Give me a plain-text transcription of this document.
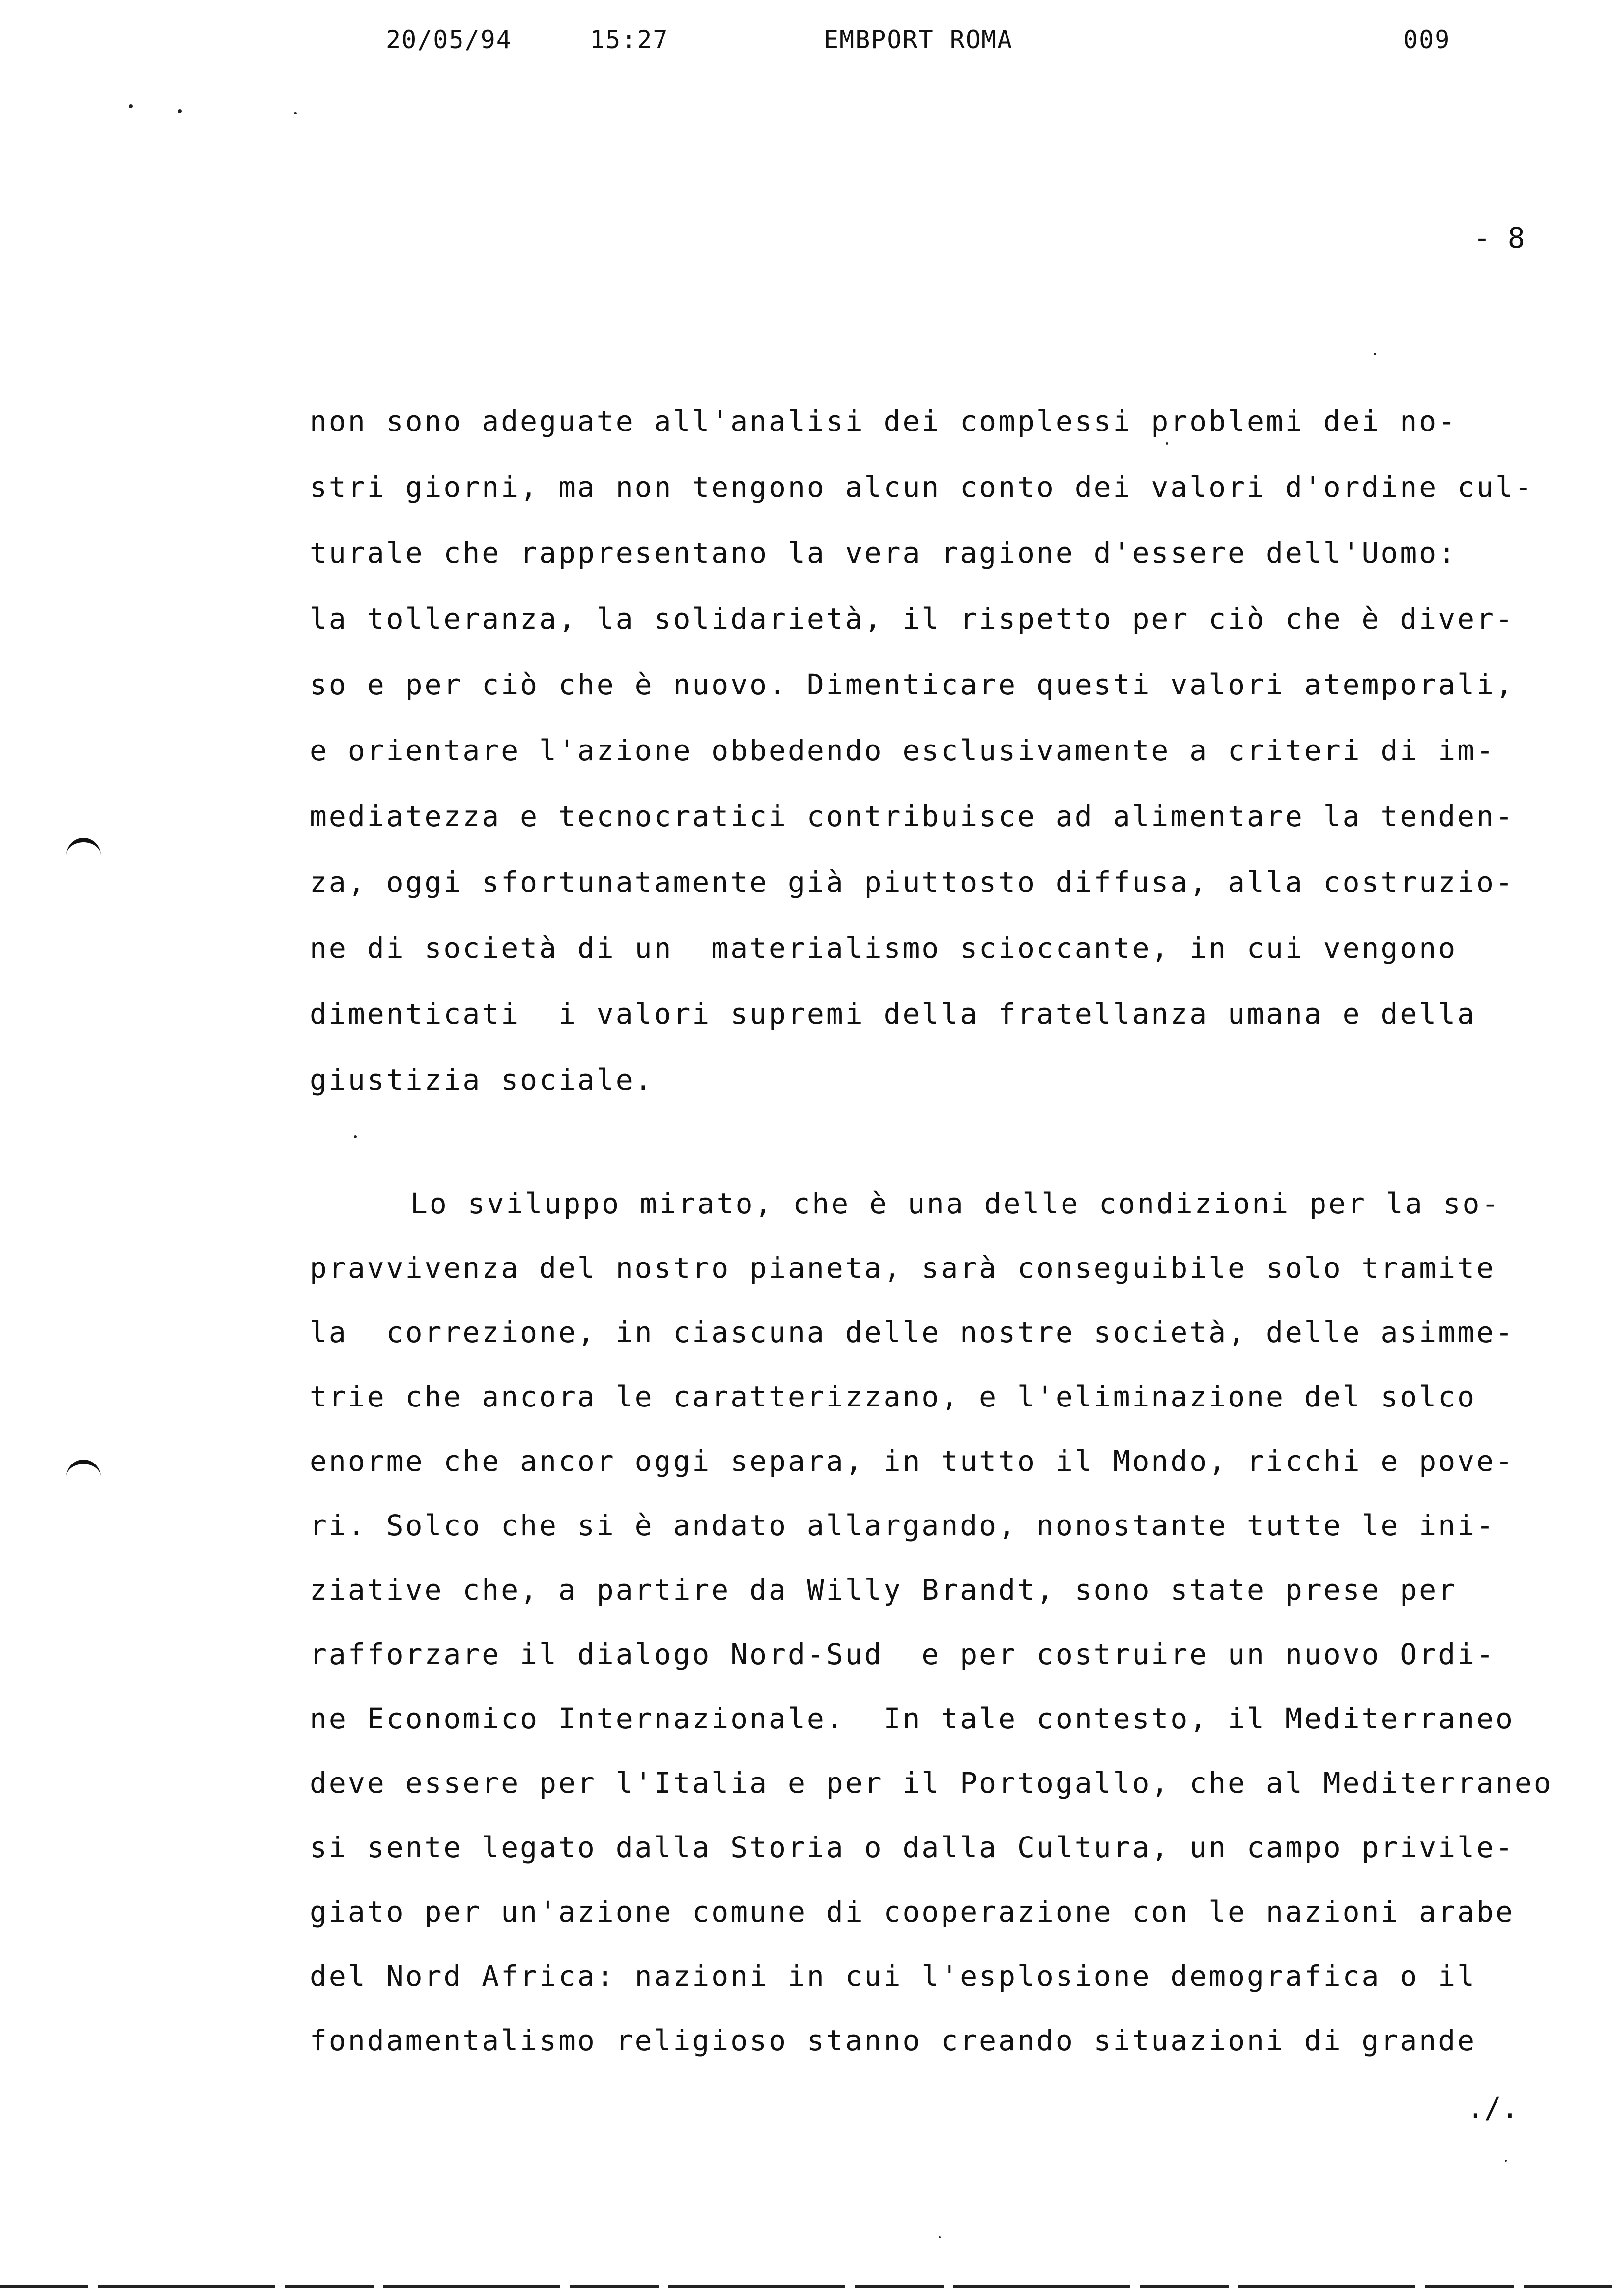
20/05/94	15:27	EMBPORT ROMA	009
- 8
non sono adeguate all'analisi dei complessi problemi dei no-
stri giorni, ma non tengono alcun conto dei valori d'ordine cul-
turale che rappresentano la vera ragione d'essere dell'Uomo:
la tolleranza, la solidarietà, il rispetto per ciò che è diver-
so e per ciò che è nuovo. Dimenticare questi valori atemporali,
e orientare l'azione obbedendo esclusivamente a criteri di im-
mediatezza e tecnocratici contribuisce ad alimentare la tenden-
za, oggi sfortunatamente già piuttosto diffusa, alla costruzio-
ne di società di un  materialismo scioccante, in cui vengono
dimenticati  i valori supremi della fratellanza umana e della
giustizia sociale.
Lo sviluppo mirato, che è una delle condizioni per la so-
pravvivenza del nostro pianeta, sarà conseguibile solo tramite
la  correzione, in ciascuna delle nostre società, delle asimme-
trie che ancora le caratterizzano, e l'eliminazione del solco
enorme che ancor oggi separa, in tutto il Mondo, ricchi e pove-
ri. Solco che si è andato allargando, nonostante tutte le ini-
ziative che, a partire da Willy Brandt, sono state prese per
rafforzare il dialogo Nord-Sud  e per costruire un nuovo Ordi-
ne Economico Internazionale.  In tale contesto, il Mediterraneo
deve essere per l'Italia e per il Portogallo, che al Mediterraneo
si sente legato dalla Storia o dalla Cultura, un campo privile-
giato per un'azione comune di cooperazione con le nazioni arabe
del Nord Africa: nazioni in cui l'esplosione demografica o il
fondamentalismo religioso stanno creando situazioni di grande
./.
